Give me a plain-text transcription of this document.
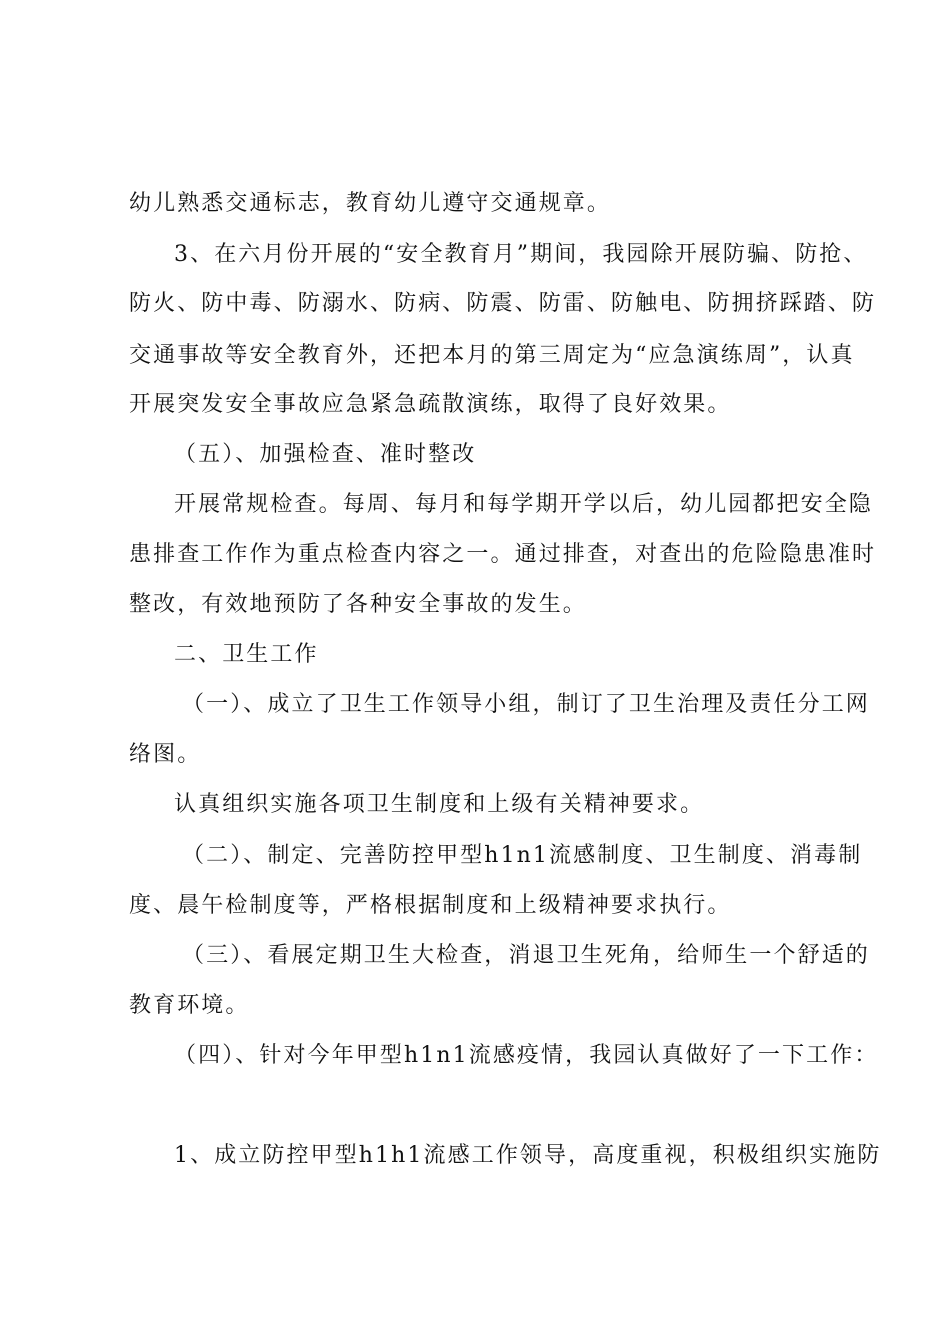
幼儿熟悉交通标志，教育幼儿遵守交通规章。
3、在六月份开展的“安全教育月”期间，我园除开展防骗、防抢、
防火、防中毒、防溺水、防病、防震、防雷、防触电、防拥挤踩踏、防
交通事故等安全教育外，还把本月的第三周定为“应急演练周”，认真
开展突发安全事故应急紧急疏散演练，取得了良好效果。
（五）、加强检查、准时整改
开展常规检查。每周、每月和每学期开学以后，幼儿园都把安全隐
患排查工作作为重点检查内容之一。通过排查，对查出的危险隐患准时
整改，有效地预防了各种安全事故的发生。
二、卫生工作
（一）、成立了卫生工作领导小组，制订了卫生治理及责任分工网
络图。
认真组织实施各项卫生制度和上级有关精神要求。
（二）、制定、完善防控甲型h1n1流感制度、卫生制度、消毒制
度、晨午检制度等，严格根据制度和上级精神要求执行。
（三）、看展定期卫生大检查，消退卫生死角，给师生一个舒适的
教育环境。
（四）、针对今年甲型h1n1流感疫情，我园认真做好了一下工作：
1、成立防控甲型h1h1流感工作领导，高度重视，积极组织实施防
